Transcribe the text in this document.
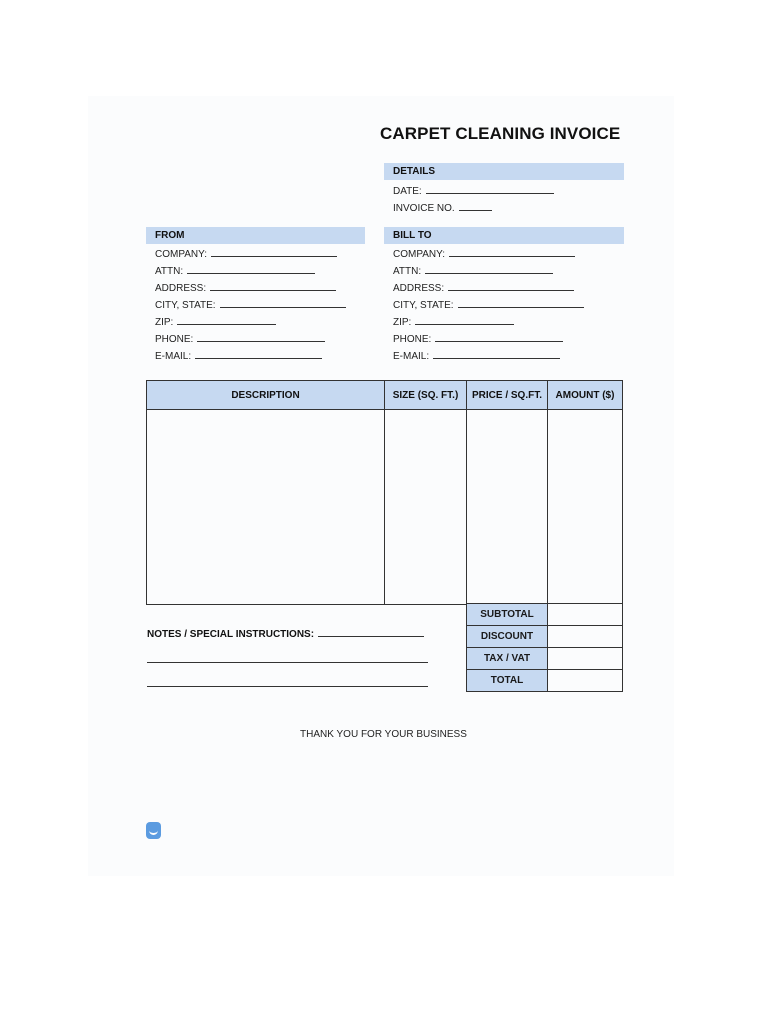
CARPET CLEANING INVOICE
DETAILS
DATE:
INVOICE NO.
FROM
COMPANY:
ATTN:
ADDRESS:
CITY, STATE:
ZIP:
PHONE:
E-MAIL:
BILL TO
COMPANY:
ATTN:
ADDRESS:
CITY, STATE:
ZIP:
PHONE:
E-MAIL:
DESCRIPTION	SIZE (SQ. FT.)	PRICE / SQ.FT.	AMOUNT ($)

SUBTOTAL	
DISCOUNT	
TAX / VAT	
TOTAL	
NOTES / SPECIAL INSTRUCTIONS:
THANK YOU FOR YOUR BUSINESS
